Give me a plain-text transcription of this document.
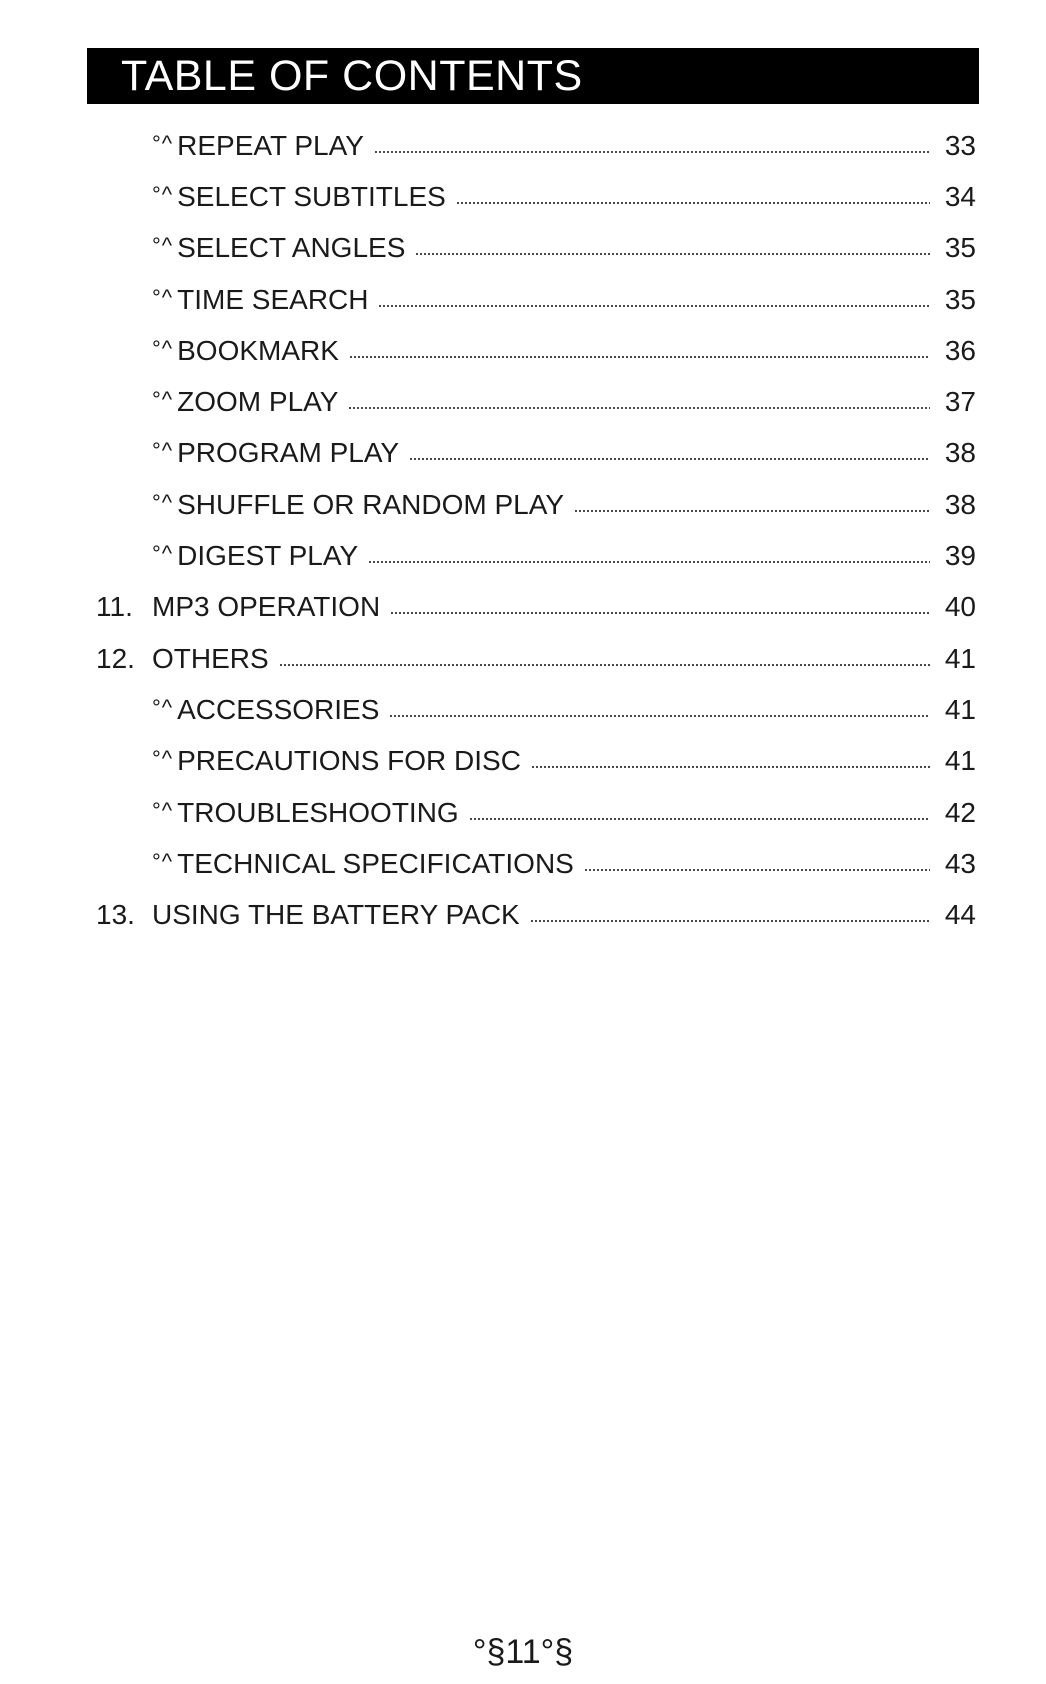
TABLE OF CONTENTS
°^ REPEAT PLAY	33
°^ SELECT SUBTITLES	34
°^ SELECT ANGLES	35
°^ TIME SEARCH	35
°^ BOOKMARK	36
°^ ZOOM PLAY	37
°^ PROGRAM PLAY	38
°^ SHUFFLE OR RANDOM PLAY	38
°^ DIGEST PLAY	39
11. MP3 OPERATION	40
12. OTHERS	41
°^ ACCESSORIES	41
°^ PRECAUTIONS FOR DISC	41
°^ TROUBLESHOOTING	42
°^ TECHNICAL SPECIFICATIONS	43
13. USING THE BATTERY PACK	44
°§11°§
